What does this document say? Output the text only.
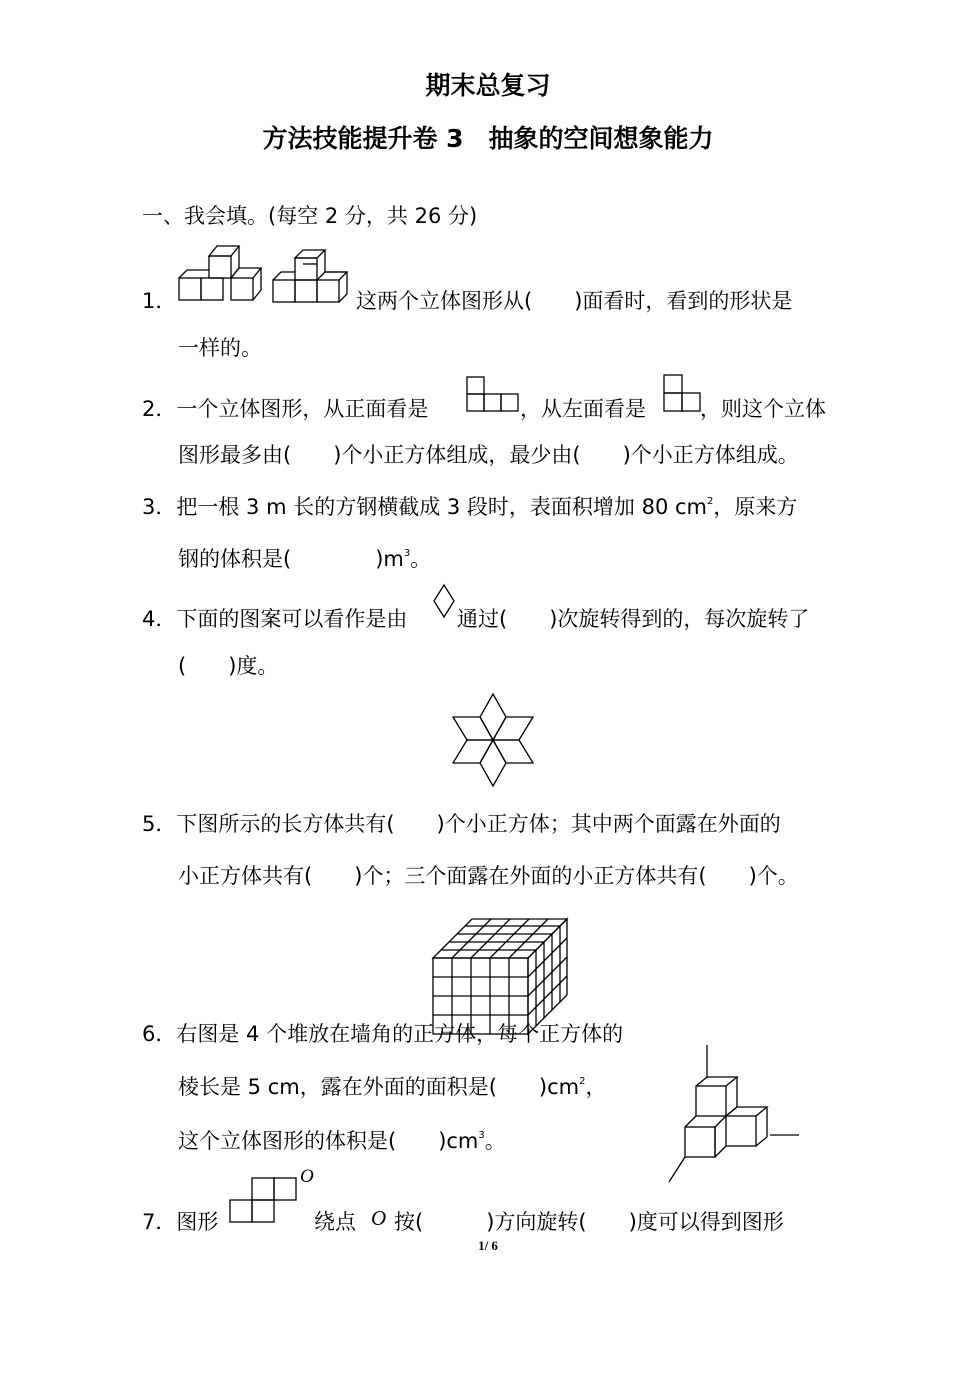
期末总复习
方法技能提升卷 3　抽象的空间想象能力
一、我会填。(每空 2 分，共 26 分)
1．	这两个立体图形从(　　)面看时，看到的形状是
一样的。
2．一个立体图形，从正面看是	，从左面看是	，则这个立体
图形最多由(　　)个小正方体组成，最少由(　　)个小正方体组成。
3．把一根 3 m 长的方钢横截成 3 段时，表面积增加 80 $cm^2$，原来方
钢的体积是(　　　　)$m^3$。
4．下面的图案可以看作是由 通过(　　)次旋转得到的，每次旋转了
(　　)度。
5．下图所示的长方体共有(　　)个小正方体；其中两个面露在外面的
小正方体共有(　　)个；三个面露在外面的小正方体共有(　　)个。
6．右图是 4 个堆放在墙角的正方体，每个正方体的
棱长是 5 cm，露在外面的面积是(　　)$cm^2$，
这个立体图形的体积是(　　)$cm^3$。
7．图形
O
绕点 O 按(　　　)方向旋转(　　)度可以得到图形
1/ 6
